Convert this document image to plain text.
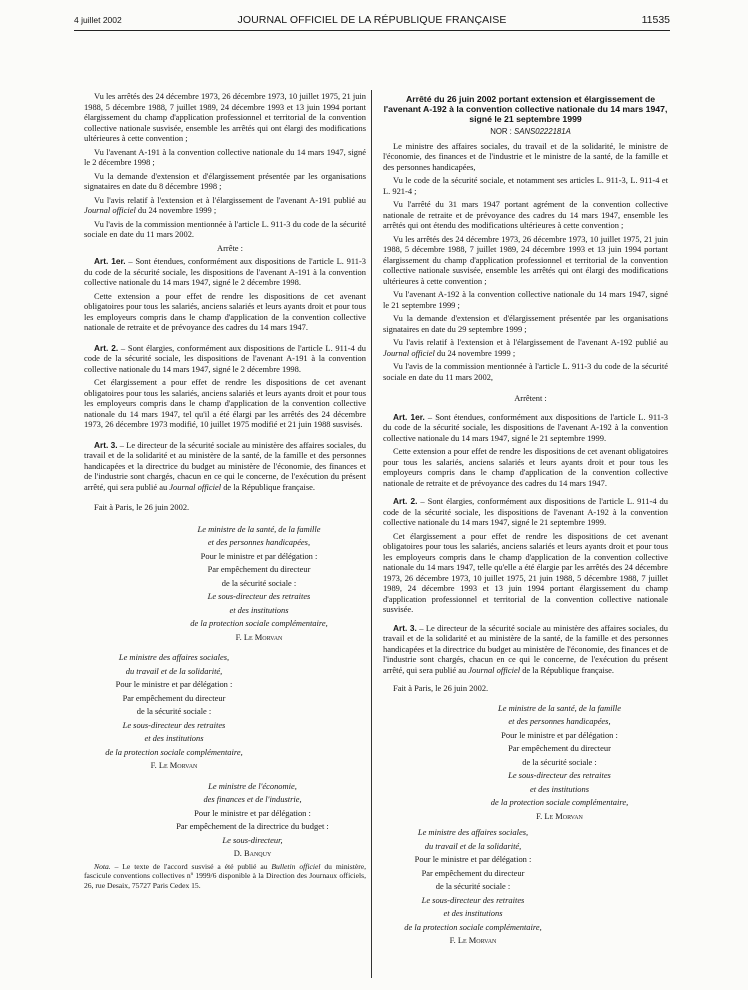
4 juillet 2002	JOURNAL OFFICIEL DE LA RÉPUBLIQUE FRANÇAISE	11535

Vu les arrêtés des 24 décembre 1973, 26 décembre 1973, 10 juillet 1975, 21 juin 1988, 5 décembre 1988, 7 juillet 1989, 24 décembre 1993 et 13 juin 1994 portant élargissement du champ d'application professionnel et territorial de la convention collective nationale susvisée, ensemble les arrêtés qui ont élargi des modifications ultérieures à cette convention ;

Vu l'avenant A-191 à la convention collective nationale du 14 mars 1947, signé le 2 décembre 1998 ;

Vu la demande d'extension et d'élargissement présentée par les organisations signataires en date du 8 décembre 1998 ;

Vu l'avis relatif à l'extension et à l'élargissement de l'avenant A-191 publié au Journal officiel du 24 novembre 1999 ;

Vu l'avis de la commission mentionnée à l'article L. 911-3 du code de la sécurité sociale en date du 11 mars 2002.

Arrête :

Art. 1er. – Sont étendues, conformément aux dispositions de l'article L. 911-3 du code de la sécurité sociale, les dispositions de l'avenant A-191 à la convention collective nationale du 14 mars 1947, signé le 2 décembre 1998.

Cette extension a pour effet de rendre les dispositions de cet avenant obligatoires pour tous les salariés, anciens salariés et leurs ayants droit et pour tous les employeurs compris dans le champ d'application de la convention collective nationale de retraite et de prévoyance des cadres du 14 mars 1947.

Art. 2. – Sont élargies, conformément aux dispositions de l'article L. 911-4 du code de la sécurité sociale, les dispositions de l'avenant A-191 à la convention collective nationale du 14 mars 1947, signé le 2 décembre 1998.

Cet élargissement a pour effet de rendre les dispositions de cet avenant obligatoires pour tous les salariés, anciens salariés et leurs ayants droit et pour tous les employeurs compris dans le champ d'application de la convention collective nationale du 14 mars 1947, tel qu'il a été élargi par les arrêtés des 24 décembre 1973, 26 décembre 1973 modifié, 10 juillet 1975 modifié et 21 juin 1988 susvisés.

Art. 3. – Le directeur de la sécurité sociale au ministère des affaires sociales, du travail et de la solidarité et au ministère de la santé, de la famille et des personnes handicapées et la directrice du budget au ministère de l'économie, des finances et de l'industrie sont chargés, chacun en ce qui le concerne, de l'exécution du présent arrêté, qui sera publié au Journal officiel de la République française.

Fait à Paris, le 26 juin 2002.

Le ministre de la santé, de la famille

et des personnes handicapées,

Pour le ministre et par délégation :

Par empêchement du directeur

de la sécurité sociale :

Le sous-directeur des retraites

et des institutions

de la protection sociale complémentaire,

F. Le Morvan

Le ministre des affaires sociales,

du travail et de la solidarité,

Pour le ministre et par délégation :

Par empêchement du directeur

de la sécurité sociale :

Le sous-directeur des retraites

et des institutions

de la protection sociale complémentaire,

F. Le Morvan

Le ministre de l'économie,

des finances et de l'industrie,

Pour le ministre et par délégation :

Par empêchement de la directrice du budget :

Le sous-directeur,

D. Banquy

Nota. – Le texte de l'accord susvisé a été publié au Bulletin officiel du ministère, fascicule conventions collectives nº 1999/6 disponible à la Direction des Journaux officiels, 26, rue Desaix, 75727 Paris Cedex 15.

Arrêté du 26 juin 2002 portant extension et élargissement de l'avenant A-192 à la convention collective nationale du 14 mars 1947, signé le 21 septembre 1999

NOR : SANS0222181A

Le ministre des affaires sociales, du travail et de la solidarité, le ministre de l'économie, des finances et de l'industrie et le ministre de la santé, de la famille et des personnes handicapées,

Vu le code de la sécurité sociale, et notamment ses articles L. 911-3, L. 911-4 et L. 921-4 ;

Vu l'arrêté du 31 mars 1947 portant agrément de la convention collective nationale de retraite et de prévoyance des cadres du 14 mars 1947, ensemble les arrêtés qui ont étendu des modifications ultérieures à cette convention ;

Vu les arrêtés des 24 décembre 1973, 26 décembre 1973, 10 juillet 1975, 21 juin 1988, 5 décembre 1988, 7 juillet 1989, 24 décembre 1993 et 13 juin 1994 portant élargissement du champ d'application professionnel et territorial de la convention collective nationale susvisée, ensemble les arrêtés qui ont élargi des modifications ultérieures à cette convention ;

Vu l'avenant A-192 à la convention collective nationale du 14 mars 1947, signé le 21 septembre 1999 ;

Vu la demande d'extension et d'élargissement présentée par les organisations signataires en date du 29 septembre 1999 ;

Vu l'avis relatif à l'extension et à l'élargissement de l'avenant A-192 publié au Journal officiel du 24 novembre 1999 ;

Vu l'avis de la commission mentionnée à l'article L. 911-3 du code de la sécurité sociale en date du 11 mars 2002,

Arrêtent :

Art. 1er. – Sont étendues, conformément aux dispositions de l'article L. 911-3 du code de la sécurité sociale, les dispositions de l'avenant A-192 à la convention collective nationale du 14 mars 1947, signé le 21 septembre 1999.

Cette extension a pour effet de rendre les dispositions de cet avenant obligatoires pour tous les salariés, anciens salariés et leurs ayants droit et pour tous les employeurs compris dans le champ d'application de la convention collective nationale de retraite et de prévoyance des cadres du 14 mars 1947.

Art. 2. – Sont élargies, conformément aux dispositions de l'article L. 911-4 du code de la sécurité sociale, les dispositions de l'avenant A-192 à la convention collective nationale du 14 mars 1947, signé le 21 septembre 1999.

Cet élargissement a pour effet de rendre les dispositions de cet avenant obligatoires pour tous les salariés, anciens salariés et leurs ayants droit et pour tous les employeurs compris dans le champ d'application de la convention collective nationale du 14 mars 1947, telle qu'elle a été élargie par les arrêtés des 24 décembre 1973, 26 décembre 1973, 10 juillet 1975, 21 juin 1988, 5 décembre 1988, 7 juillet 1989, 24 décembre 1993 et 13 juin 1994 portant élargissement du champ d'application professionnel et territorial de la convention collective nationale susvisée.

Art. 3. – Le directeur de la sécurité sociale au ministère des affaires sociales, du travail et de la solidarité et au ministère de la santé, de la famille et des personnes handicapées et la directrice du budget au ministère de l'économie, des finances et de l'industrie sont chargés, chacun en ce qui le concerne, de l'exécution du présent arrêté, qui sera publié au Journal officiel de la République française.

Fait à Paris, le 26 juin 2002.

Le ministre de la santé, de la famille

et des personnes handicapées,

Pour le ministre et par délégation :

Par empêchement du directeur

de la sécurité sociale :

Le sous-directeur des retraites

et des institutions

de la protection sociale complémentaire,

F. Le Morvan

Le ministre des affaires sociales,

du travail et de la solidarité,

Pour le ministre et par délégation :

Par empêchement du directeur

de la sécurité sociale :

Le sous-directeur des retraites

et des institutions

de la protection sociale complémentaire,

F. Le Morvan
